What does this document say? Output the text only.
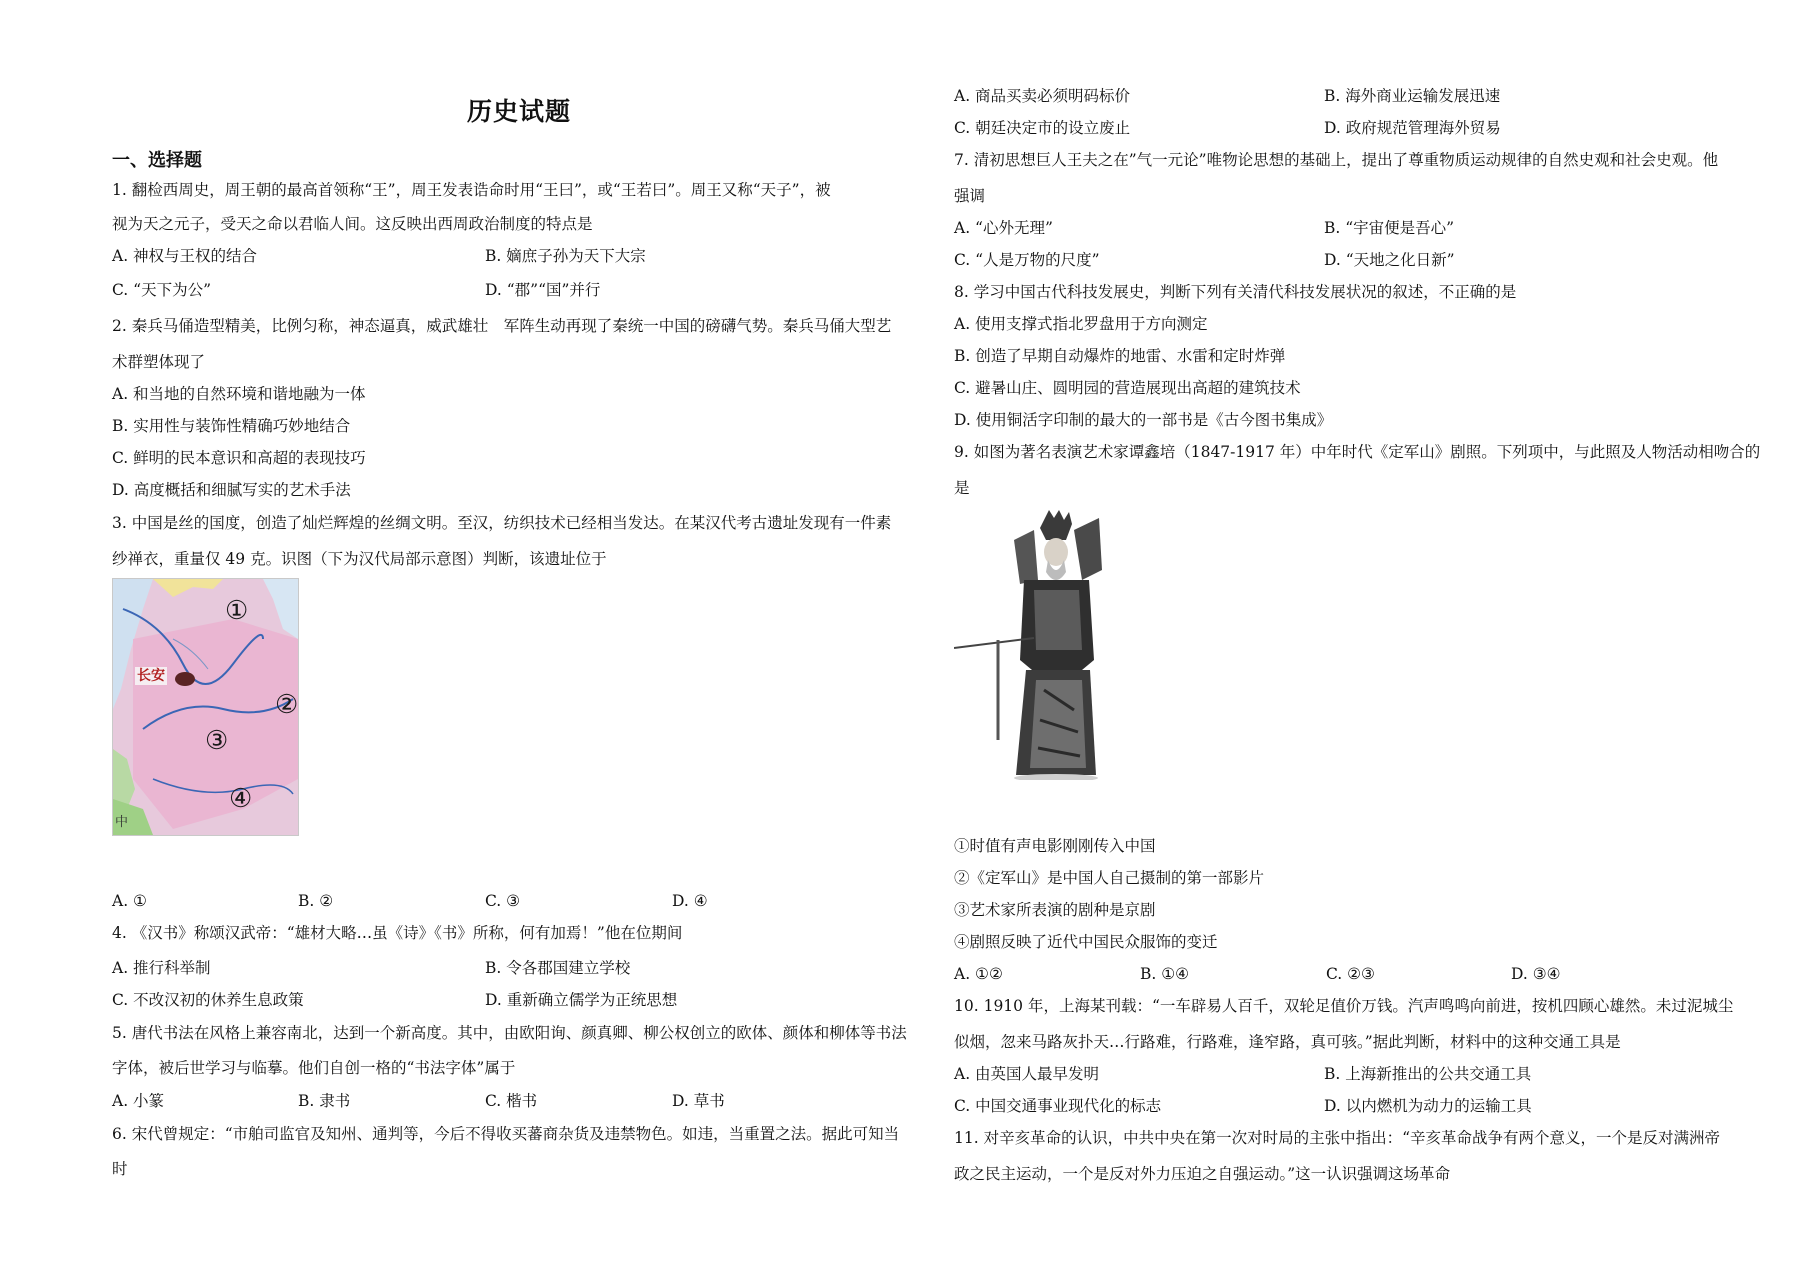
历史试题
一、选择题
1. 翻检西周史，周王朝的最高首领称“王”，周王发表诰命时用“王曰”，或“王若曰”。周王又称“天子”，被
视为天之元子，受天之命以君临人间。这反映出西周政治制度的特点是
A. 神权与王权的结合	B. 嫡庶子孙为天下大宗
C. “天下为公”	D. “郡”“国”并行
2. 秦兵马俑造型精美，比例匀称，神态逼真，威武雄壮　军阵生动再现了秦统一中国的磅礴气势。秦兵马俑大型艺
术群塑体现了
A. 和当地的自然环境和谐地融为一体
B. 实用性与装饰性精确巧妙地结合
C. 鲜明的民本意识和高超的表现技巧
D. 高度概括和细腻写实的艺术手法
3. 中国是丝的国度，创造了灿烂辉煌的丝绸文明。至汉，纺织技术已经相当发达。在某汉代考古遗址发现有一件素
纱禅衣，重量仅 49 克。识图（下为汉代局部示意图）判断，该遗址位于
长安
①
②
③
④
中
A. ①	B. ②	C. ③	D. ④
4. 《汉书》称颂汉武帝：“雄材大略…虽《诗》《书》所称，何有加焉！”他在位期间
A. 推行科举制	B. 令各郡国建立学校
C. 不改汉初的休养生息政策	D. 重新确立儒学为正统思想
5. 唐代书法在风格上兼容南北，达到一个新高度。其中，由欧阳询、颜真卿、柳公权创立的欧体、颜体和柳体等书法
字体，被后世学习与临摹。他们自创一格的“书法字体”属于
A. 小篆	B. 隶书	C. 楷书	D. 草书
6. 宋代曾规定：“市舶司监官及知州、通判等，今后不得收买蕃商杂货及违禁物色。如违，当重置之法。据此可知当
时
A. 商品买卖必须明码标价	B. 海外商业运输发展迅速
C. 朝廷决定市的设立废止	D. 政府规范管理海外贸易
7. 清初思想巨人王夫之在”气一元论”唯物论思想的基础上，提出了尊重物质运动规律的自然史观和社会史观。他
强调
A. “心外无理”	B. “宇宙便是吾心”
C. “人是万物的尺度”	D. “天地之化日新”
8. 学习中国古代科技发展史，判断下列有关清代科技发展状况的叙述，不正确的是
A. 使用支撑式指北罗盘用于方向测定
B. 创造了早期自动爆炸的地雷、水雷和定时炸弹
C. 避暑山庄、圆明园的营造展现出高超的建筑技术
D. 使用铜活字印制的最大的一部书是《古今图书集成》
9. 如图为著名表演艺术家谭鑫培（1847-1917 年）中年时代《定军山》剧照。下列项中，与此照及人物活动相吻合的
是
①时值有声电影刚刚传入中国
②《定军山》是中国人自己摄制的第一部影片
③艺术家所表演的剧种是京剧
④剧照反映了近代中国民众服饰的变迁
A. ①②	B. ①④	C. ②③	D. ③④
10. 1910 年，上海某刊载：“一车辟易人百千，双轮足值价万钱。汽声鸣鸣向前进，按机四顾心雄然。未过泥城尘
似烟，忽来马路灰扑天…行路难，行路难，逢窄路，真可骇。”据此判断，材料中的这种交通工具是
A. 由英国人最早发明	B. 上海新推出的公共交通工具
C. 中国交通事业现代化的标志	D. 以内燃机为动力的运输工具
11. 对辛亥革命的认识，中共中央在第一次对时局的主张中指出：“辛亥革命战争有两个意义，一个是反对满洲帝
政之民主运动，一个是反对外力压迫之自强运动。”这一认识强调这场革命
